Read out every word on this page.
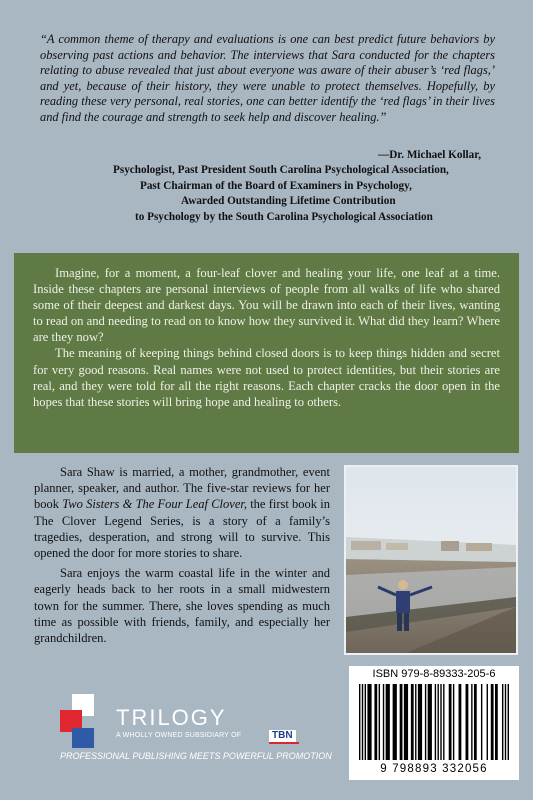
“A common theme of therapy and evaluations is one can best predict future behaviors by observing past actions and behavior. The interviews that Sara conducted for the chapters relating to abuse revealed that just about everyone was aware of their abuser’s ‘red flags,’ and yet, because of their history, they were unable to protect themselves. Hopefully, by reading these very personal, real stories, one can better identify the ‘red flags’ in their lives and find the courage and strength to seek help and discover healing.”
—Dr. Michael Kollar,
Psychologist, Past President South Carolina Psychological Association,
Past Chairman of the Board of Examiners in Psychology,
Awarded Outstanding Lifetime Contribution
to Psychology by the South Carolina Psychological Association

Imagine, for a moment, a four-leaf clover and healing your life, one leaf at a time. Inside these chapters are personal interviews of people from all walks of life who shared some of their deepest and darkest days. You will be drawn into each of their lives, wanting to read on and needing to read on to know how they survived it. What did they learn? Where are they now?

The meaning of keeping things behind closed doors is to keep things hidden and secret for very good reasons. Real names were not used to protect identities, but their stories are real, and they were told for all the right reasons. Each chapter cracks the door open in the hopes that these stories will bring hope and healing to others.

Sara Shaw is married, a mother, grandmother, event planner, speaker, and author. The five-star reviews for her book Two Sisters & The Four Leaf Clover, the first book in The Clover Legend Series, is a story of a family’s tragedies, desperation, and strong will to survive. This opened the door for more stories to share.

Sara enjoys the warm coastal life in the winter and eagerly heads back to her roots in a small midwestern town for the summer. There, she loves spending as much time as possible with friends, family, and especially her grandchildren.

ISBN 979-8-89333-205-6
9 798893 332056
TRILOGY
A WHOLLY OWNED SUBSIDIARY OF	TBN
PROFESSIONAL PUBLISHING MEETS POWERFUL PROMOTION
